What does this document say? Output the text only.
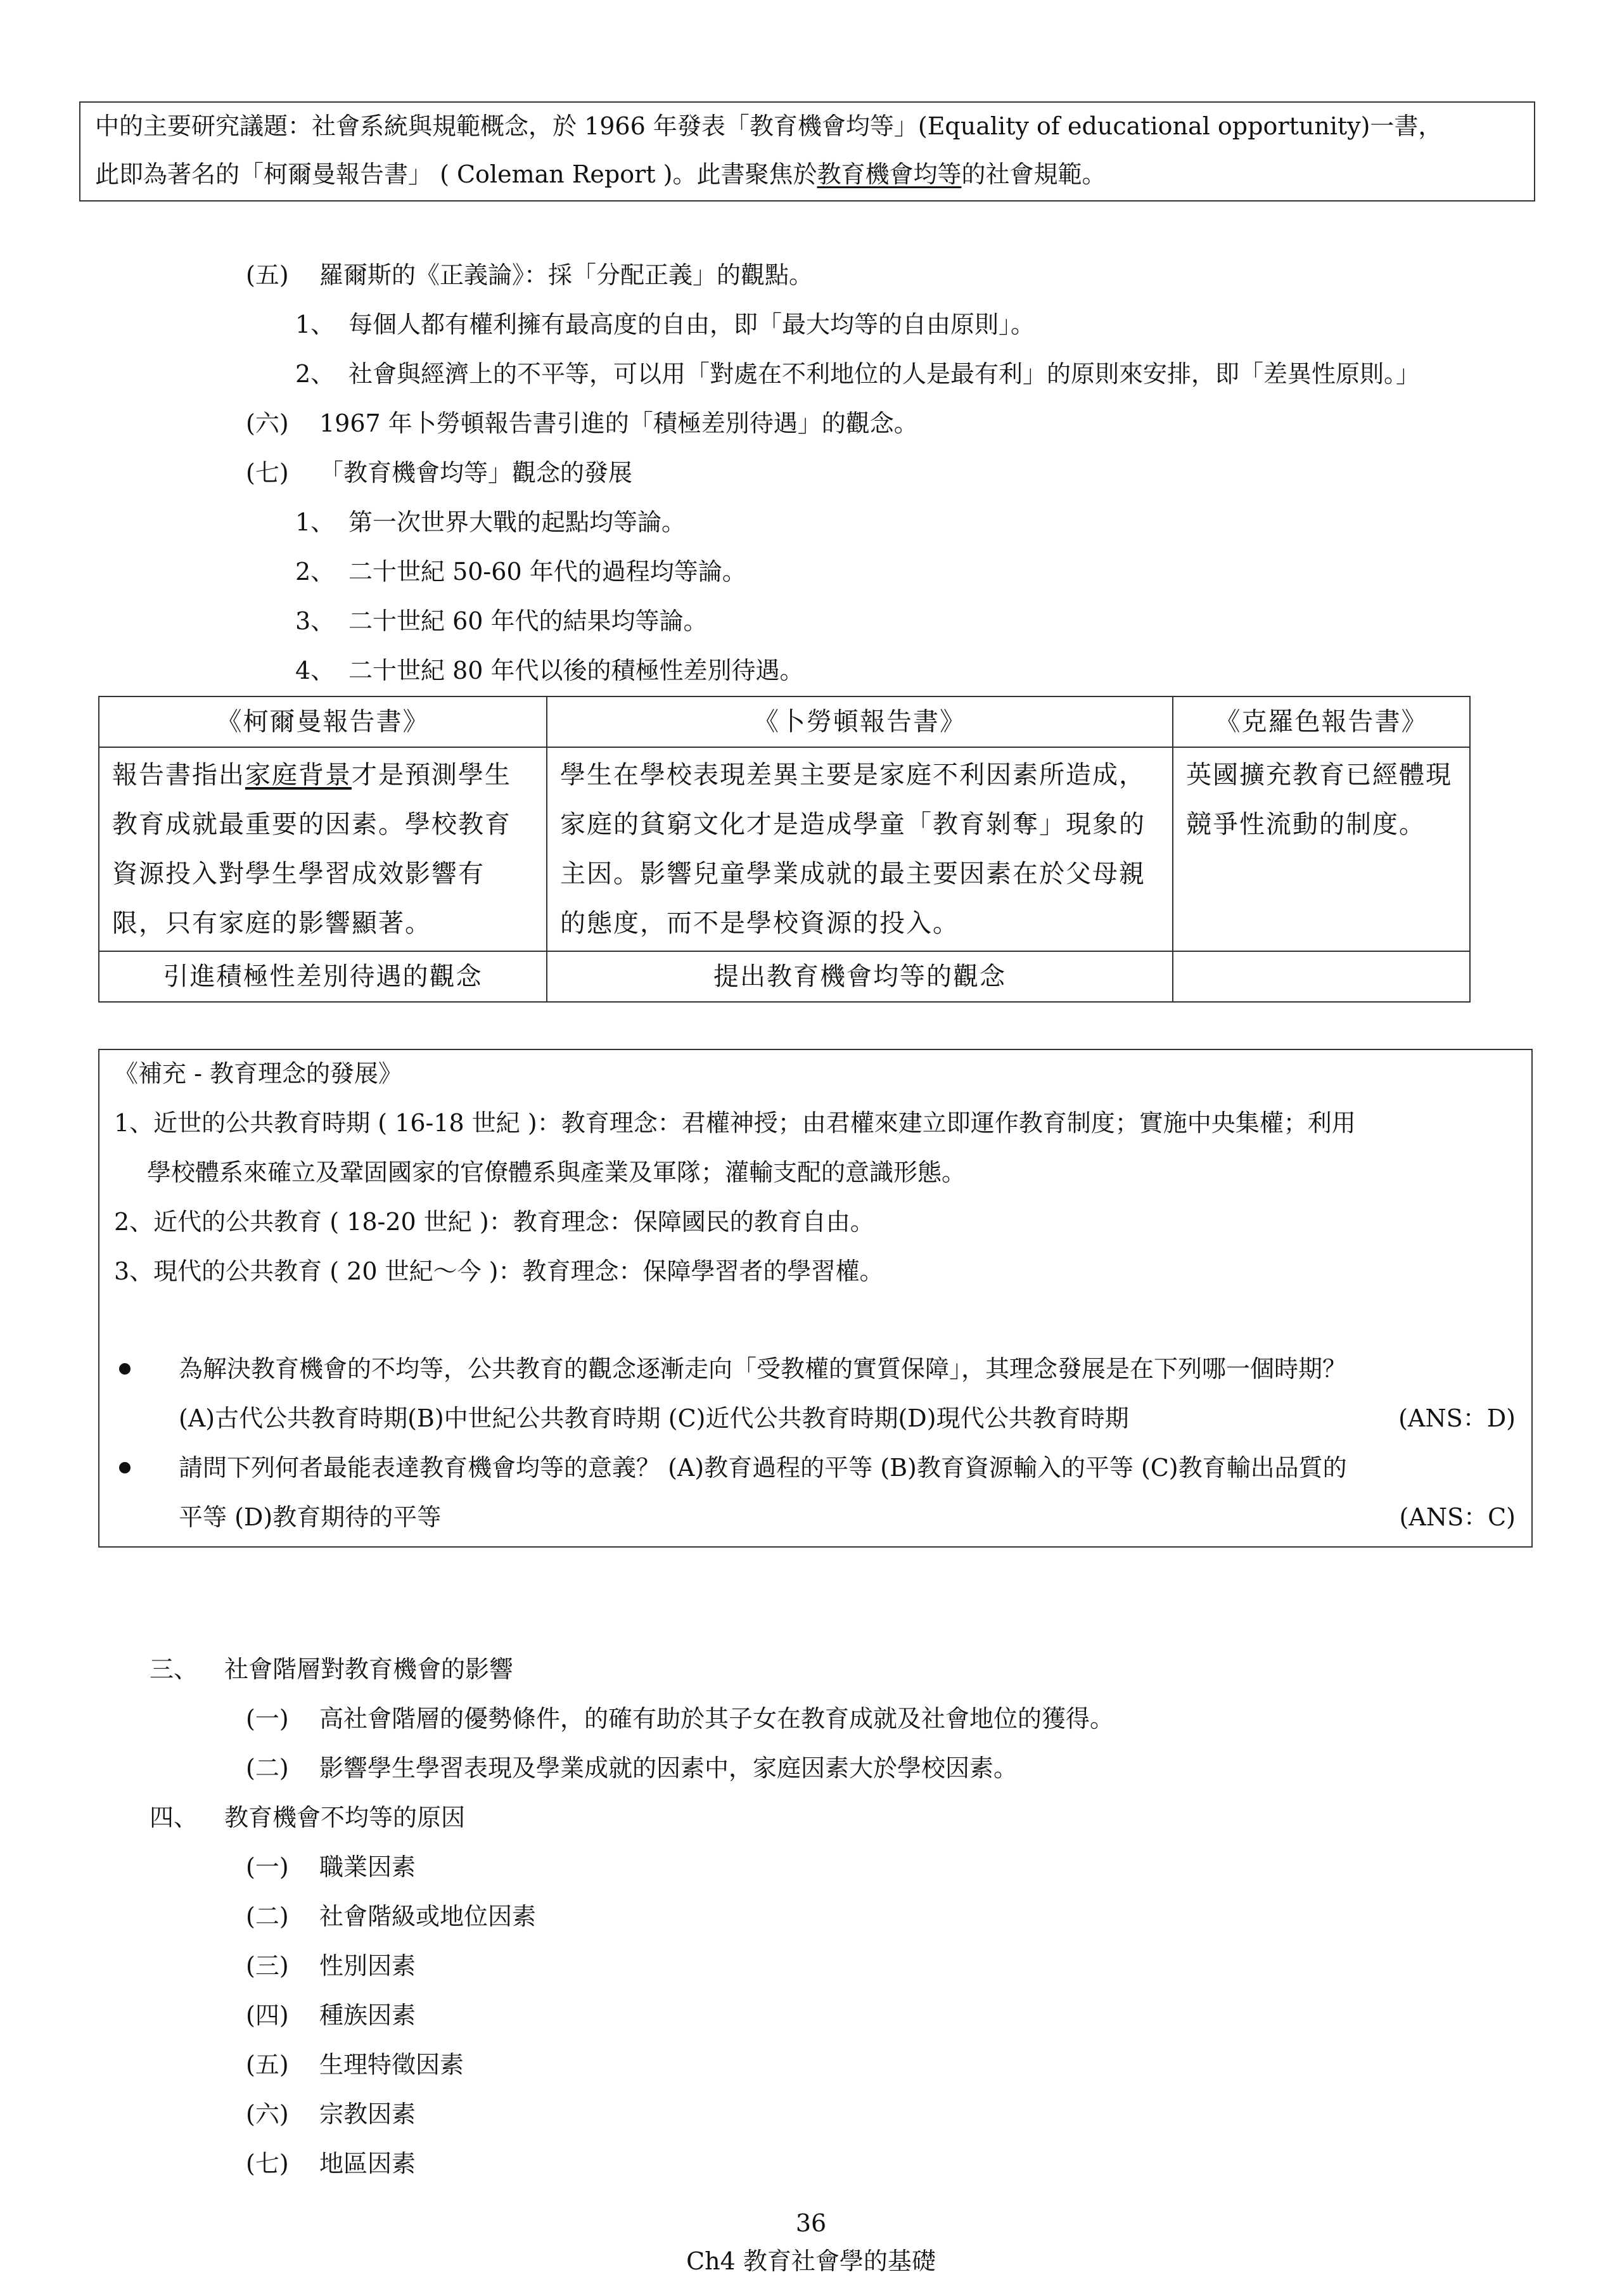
中的主要研究議題：社會系統與規範概念，於 1966 年發表「教育機會均等」(Equality of educational opportunity)一書，
此即為著名的「柯爾曼報告書」 ( Coleman Report )。此書聚焦於教育機會均等的社會規範。
(五) 羅爾斯的《正義論》：採「分配正義」的觀點。
1、 每個人都有權利擁有最高度的自由，即「最大均等的自由原則」。
2、 社會與經濟上的不平等，可以用「對處在不利地位的人是最有利」的原則來安排，即「差異性原則。」
(六) 1967 年卜勞頓報告書引進的「積極差別待遇」的觀念。
(七) 「教育機會均等」觀念的發展
1、 第一次世界大戰的起點均等論。
2、 二十世紀 50-60 年代的過程均等論。
3、 二十世紀 60 年代的結果均等論。
4、 二十世紀 80 年代以後的積極性差別待遇。
《柯爾曼報告書》	《卜勞頓報告書》	《克羅色報告書》
報告書指出家庭背景才是預測學生教育成就最重要的因素。學校教育資源投入對學生學習成效影響有限，只有家庭的影響顯著。	學生在學校表現差異主要是家庭不利因素所造成，家庭的貧窮文化才是造成學童「教育剝奪」現象的主因。影響兒童學業成就的最主要因素在於父母親的態度，而不是學校資源的投入。	英國擴充教育已經體現競爭性流動的制度。
引進積極性差別待遇的觀念	提出教育機會均等的觀念	
《補充 - 教育理念的發展》
1、近世的公共教育時期 ( 16-18 世紀 )：教育理念：君權神授；由君權來建立即運作教育制度；實施中央集權；利用
學校體系來確立及鞏固國家的官僚體系與產業及軍隊；灌輸支配的意識形態。
2、近代的公共教育 ( 18-20 世紀 )：教育理念：保障國民的教育自由。
3、現代的公共教育 ( 20 世紀～今 )：教育理念：保障學習者的學習權。
為解決教育機會的不均等，公共教育的觀念逐漸走向「受教權的實質保障」，其理念發展是在下列哪一個時期？
(A)古代公共教育時期(B)中世紀公共教育時期 (C)近代公共教育時期(D)現代公共教育時期	(ANS：D)
請問下列何者最能表達教育機會均等的意義？ (A)教育過程的平等 (B)教育資源輸入的平等 (C)教育輸出品質的
平等 (D)教育期待的平等	(ANS：C)
三、 社會階層對教育機會的影響
(一) 高社會階層的優勢條件，的確有助於其子女在教育成就及社會地位的獲得。
(二) 影響學生學習表現及學業成就的因素中，家庭因素大於學校因素。
四、 教育機會不均等的原因
(一) 職業因素
(二) 社會階級或地位因素
(三) 性別因素
(四) 種族因素
(五) 生理特徵因素
(六) 宗教因素
(七) 地區因素
36
Ch4 教育社會學的基礎
